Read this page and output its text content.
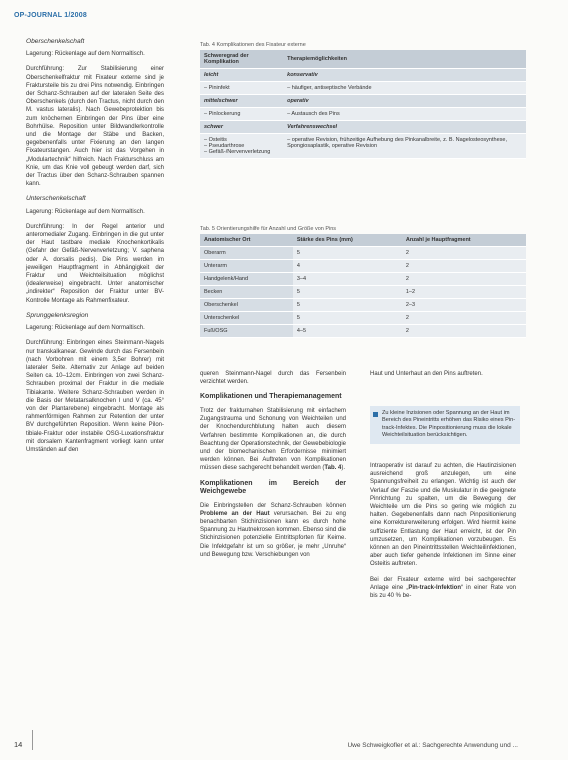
OP-JOURNAL 1/2008
Oberschenkelschaft

Lagerung: Rückenlage auf dem Normaltisch.

Durchführung: Zur Stabilisierung einer Oberschenkelfraktur mit Fixateur externe sind je Fraktursteile bis zu drei Pins notwendig. Einbringen der Schanz-Schrauben auf der lateralen Seite des Oberschenkels (durch den Tractus, nicht durch den M. vastus lateralis). Nach Gewebeprotektion bis zum knöchernen Einbringen der Pins über eine Bohrhülse. Reposition unter Bildwandlerkontrolle und die Montage der Stäbe und Backen, gegebenenfalls unter Fixierung an den langen Fixateurstangen. Auch hier ist das Vorgehen in „Modulartechnik“ hilfreich. Nach Frakturschluss am Knie, um das Knie voll gebeugt werden darf, sich der Tractus über den Schanz-Schrauben spannen kann.

Unterschenkelschaft

Lagerung: Rückenlage auf dem Normaltisch.

Durchführung: In der Regel anterior und anteromedialer Zugang. Einbringen in die gut unter der Haut tastbare mediale Knochenkortikalis (Gefahr der Gefäß-Nervenverletzung; V. saphena oder A. dorsalis pedis). Die Pins werden im jeweiligen Hauptfragment in Abhängigkeit der Fraktur und Weichteilsituation möglichst (idealerweise) eingebracht. Unter anatomischer „indirekter“ Reposition der Fraktur unter BV-Kontrolle Montage als Rahmenfixateur.

Sprunggelenksregion

Lagerung: Rückenlage auf dem Normaltisch.

Durchführung: Einbringen eines Steinmann-Nagels nur transkalkanear. Gewinde durch das Fersenbein (nach Vorbohren mit einem 3,5er Bohrer) mit lateraler Seite. Alternativ zur Anlage auf beiden Seiten ca. 10–12cm. Einbringen von zwei Schanz-Schrauben proximal der Fraktur in die mediale Tibiakante. Weitere Schanz-Schrauben werden in die Basis der Metatarsalknochen I und V (ca. 45° von der Plantarebene) eingebracht. Montage als rahmenförmigen Rahmen zur Retention der unter BV durchgeführten Reposition. Wenn keine Pilon-tibiale-Fraktur oder instabile OSG-Luxationsfraktur mit dorsalem Kantenfragment vorliegt kann unter Umständen auf den

Tab. 4 Komplikationen des Fixateur externe
Schweregrad der Komplikation	Therapiemöglichkeiten
leicht	konservativ
– Pininfekt	– häufiger, antiseptische Verbände
mittelschwer	operativ
– Pinlockerung	– Austausch des Pins
schwer	Verfahrenswechsel
– Osteitis
– Pseudarthrose
– Gefäß-/Nervenverletzung	– operative Revision, frühzeitige Aufhebung des Pinkanalbreite, z. B. Nagelosteosynthese, Spongiosaplastik, operative Revision
Tab. 5 Orientierungshilfe für Anzahl und Größe von Pins
Anatomischer Ort	Stärke des Pins (mm)	Anzahl je Hauptfragment
Oberarm	5	2
Unterarm	4	2
Handgelenk/Hand	3–4	2
Becken	5	1–2
Oberschenkel	5	2–3
Unterschenkel	5	2
Fuß/OSG	4–5	2

queren Steinmann-Nagel durch das Fersenbein verzichtet werden.

Komplikationen und Therapiemanagement

Trotz der frakturnahen Stabilisierung mit einfachem Zugangstrauma und Schonung von Weichteilen und der Knochendurchblutung halten auch diesem Verfahren bestimmte Komplikationen an, die durch Beachtung der Operationstechnik, der Gewebebiologie und der biomechanischen Erfordernisse minimiert werden können. Bei Auftreten von Komplikationen müssen diese sachgerecht behandelt werden (Tab. 4).

Komplikationen im Bereich der Weichgewebe

Die Einbringstellen der Schanz-Schrauben können Probleme an der Haut verursachen. Bei zu eng benachbarten Stichinzisionen kann es durch hohe Spannung zu Hautnekrosen kommen. Ebenso sind die Stichinzisionen potenzielle Eintrittspforten für Keime. Die Infektgefahr ist um so größer, je mehr „Unruhe“ und Bewegung bzw. Verschiebungen von

Haut und Unterhaut an den Pins auftreten.

Zu kleine Inzisionen oder Spannung an der Haut im Bereich des Pineintritts erhöhen das Risiko eines Pin-track-Infektes. Die Pinpositionierung muss die lokale Weichteilsituation berücksichtigen.

Intraoperativ ist darauf zu achten, die Hautinzisionen ausreichend groß anzulegen, um eine Spannungsfreiheit zu erlangen. Wichtig ist auch der Verlauf der Faszie und die Muskulatur in die geeignete Pinrichtung zu spalten, um die Bewegung der Weichteile um die Pins so gering wie möglich zu halten. Gegebenenfalls dann nach Pinpositionierung eine Korrekturerweiterung erfolgen. Wird hiermit keine suffiziente Entlastung der Haut erreicht, ist der Pin umzusetzen, um Komplikationen vorzubeugen. Es können an den Pineintrittsstellen Weichteilinfektionen, aber auch tiefer gehende Infektionen im Sinne einer Osteitis auftreten.

Bei der Fixateur externe wird bei sachgerechter Anlage eine „Pin-track-Infektion“ in einer Rate von bis zu 40 % be-

14	Uwe Schweigkofler et al.: Sachgerechte Anwendung und ...
